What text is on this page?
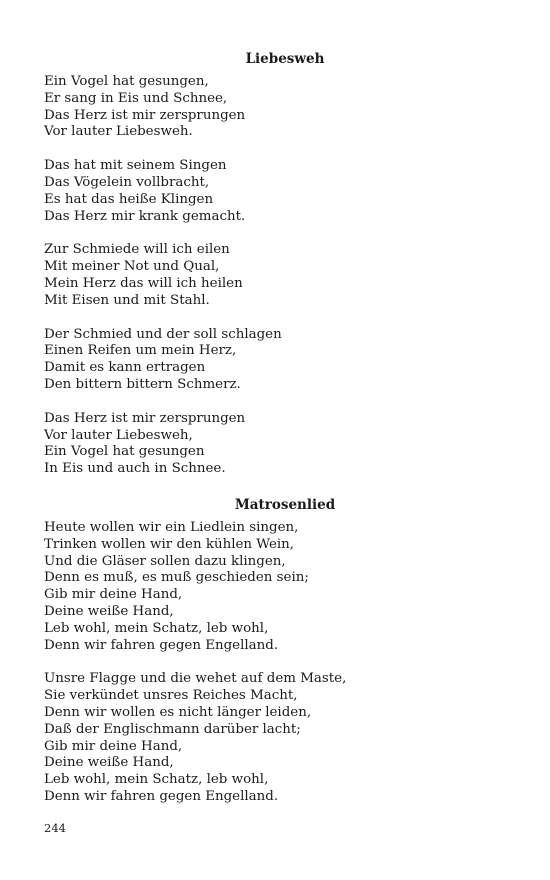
Liebesweh
Ein Vogel hat gesungen,
Er sang in Eis und Schnee,
Das Herz ist mir zersprungen
Vor lauter Liebesweh.
Das hat mit seinem Singen
Das Vögelein vollbracht,
Es hat das heiße Klingen
Das Herz mir krank gemacht.
Zur Schmiede will ich eilen
Mit meiner Not und Qual,
Mein Herz das will ich heilen
Mit Eisen und mit Stahl.
Der Schmied und der soll schlagen
Einen Reifen um mein Herz,
Damit es kann ertragen
Den bittern bittern Schmerz.
Das Herz ist mir zersprungen
Vor lauter Liebesweh,
Ein Vogel hat gesungen
In Eis und auch in Schnee.
Matrosenlied
Heute wollen wir ein Liedlein singen,
Trinken wollen wir den kühlen Wein,
Und die Gläser sollen dazu klingen,
Denn es muß, es muß geschieden sein;
Gib mir deine Hand,
Deine weiße Hand,
Leb wohl, mein Schatz, leb wohl,
Denn wir fahren gegen Engelland.
Unsre Flagge und die wehet auf dem Maste,
Sie verkündet unsres Reiches Macht,
Denn wir wollen es nicht länger leiden,
Daß der Englischmann darüber lacht;
Gib mir deine Hand,
Deine weiße Hand,
Leb wohl, mein Schatz, leb wohl,
Denn wir fahren gegen Engelland.
244
